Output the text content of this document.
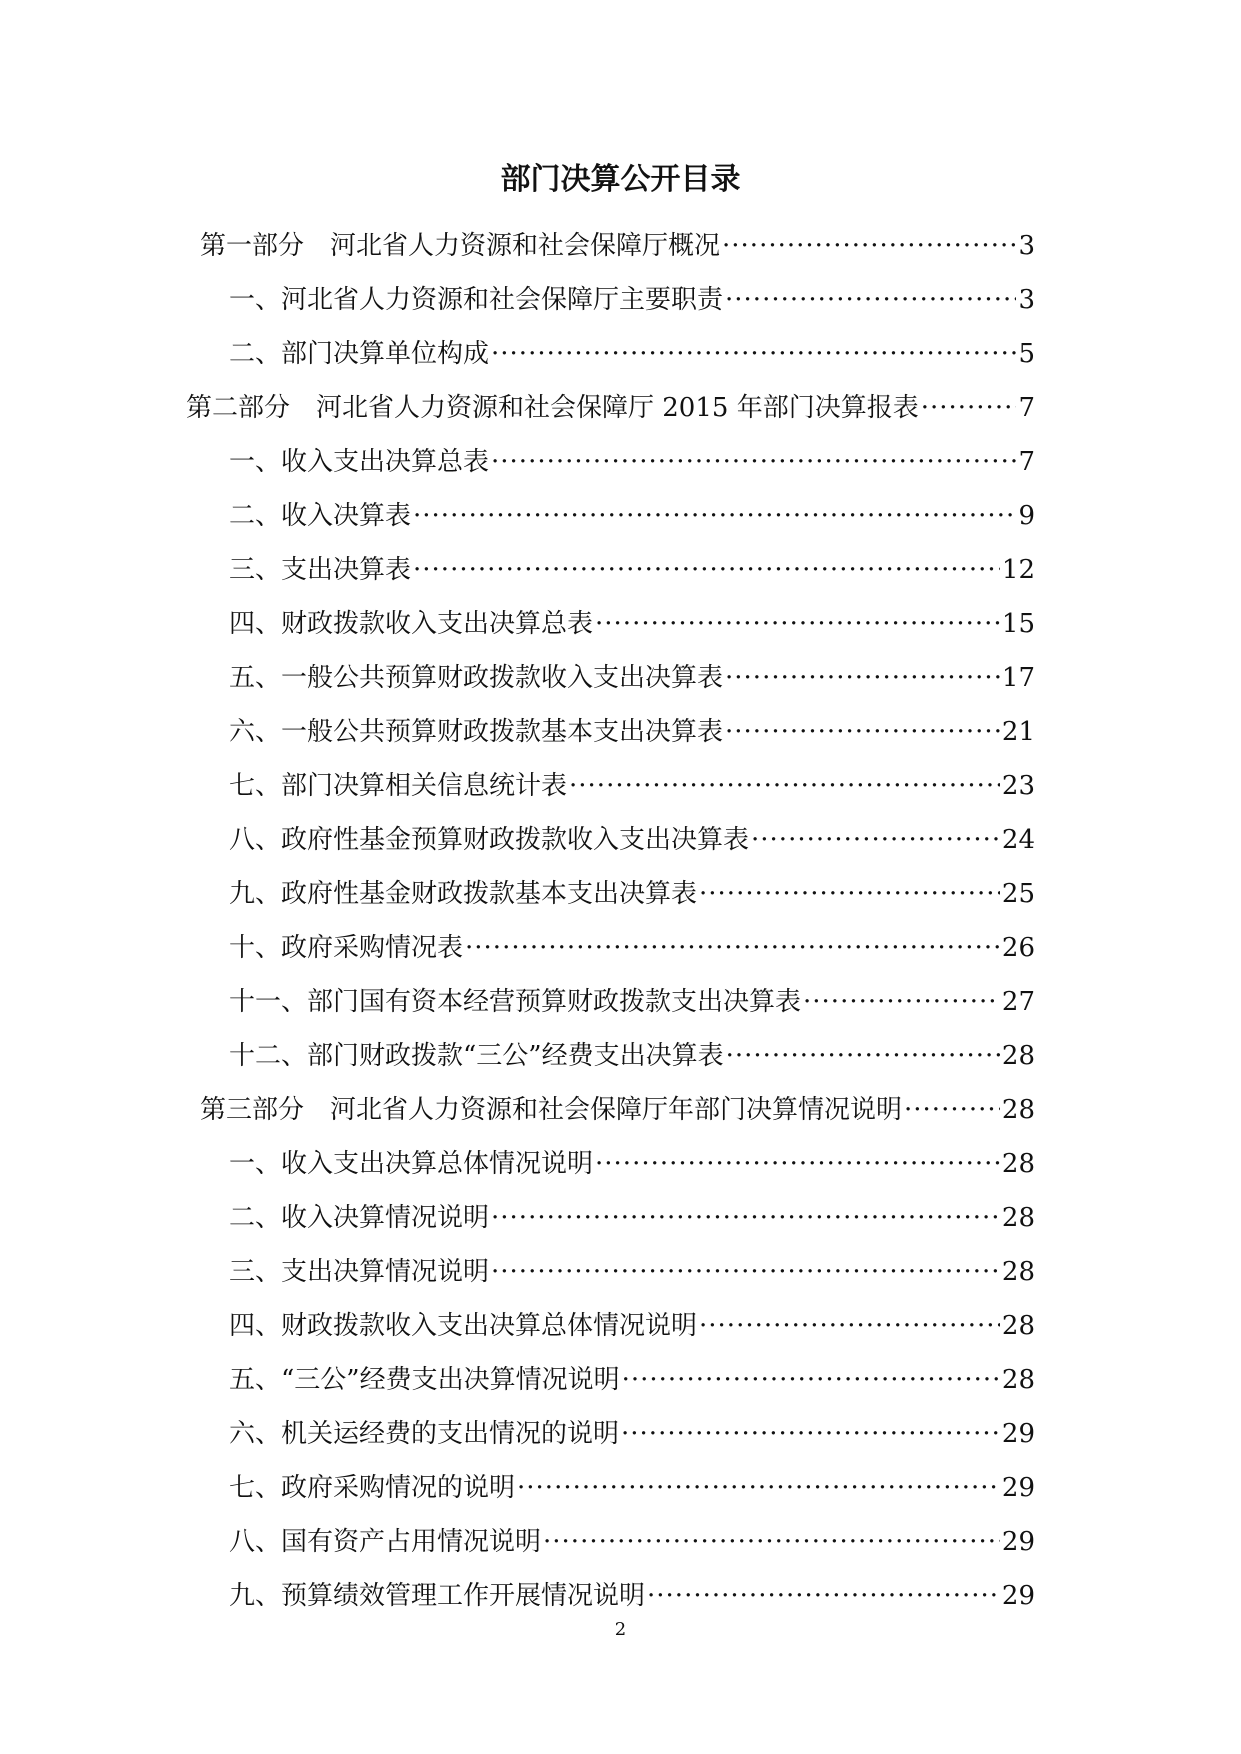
部门决算公开目录
第一部分　河北省人力资源和社会保障厅概况 ·····	3
一、河北省人力资源和社会保障厅主要职责 ·····	3
二、部门决算单位构成 ·····	5
第二部分　河北省人力资源和社会保障厅 2015 年部门决算报表 ·····	7
一、收入支出决算总表 ·····	7
二、收入决算表 ·····	9
三、支出决算表 ·····	12
四、财政拨款收入支出决算总表 ·····	15
五、一般公共预算财政拨款收入支出决算表 ·····	17
六、一般公共预算财政拨款基本支出决算表 ·····	21
七、部门决算相关信息统计表 ·····	23
八、政府性基金预算财政拨款收入支出决算表 ·····	24
九、政府性基金财政拨款基本支出决算表 ·····	25
十、政府采购情况表 ·····	26
十一、部门国有资本经营预算财政拨款支出决算表 ·····	27
十二、部门财政拨款“三公”经费支出决算表 ·····	28
第三部分　河北省人力资源和社会保障厅年部门决算情况说明 ·····	28
一、收入支出决算总体情况说明 ·····	28
二、收入决算情况说明 ·····	28
三、支出决算情况说明 ·····	28
四、财政拨款收入支出决算总体情况说明 ·····	28
五、“三公”经费支出决算情况说明 ·····	28
六、机关运经费的支出情况的说明 ·····	29
七、政府采购情况的说明 ·····	29
八、国有资产占用情况说明 ·····	29
九、预算绩效管理工作开展情况说明 ·····	29
2
